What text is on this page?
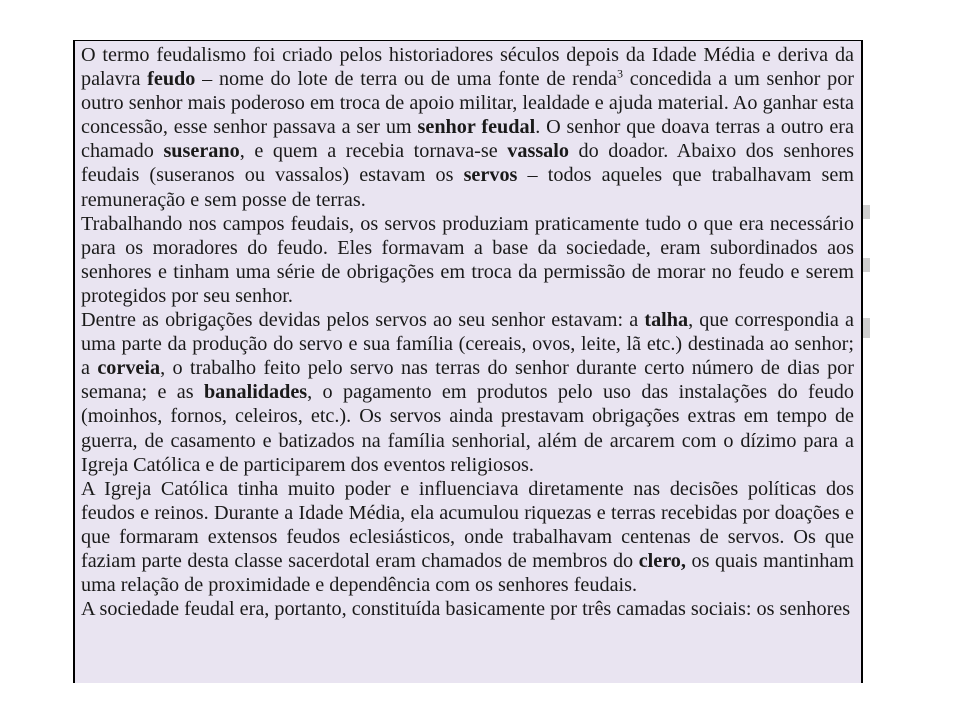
O termo feudalismo foi criado pelos historiadores séculos depois da Idade Média e deriva da palavra feudo – nome do lote de terra ou de uma fonte de renda$^3$ concedida a um senhor por outro senhor mais poderoso em troca de apoio militar, lealdade e ajuda material. Ao ganhar esta concessão, esse senhor passava a ser um senhor feudal. O senhor que doava terras a outro era chamado suserano, e quem a recebia tornava-se vassalo do doador. Abaixo dos senhores feudais (suseranos ou vassalos) estavam os servos – todos aqueles que trabalhavam sem remuneração e sem posse de terras.

Trabalhando nos campos feudais, os servos produziam praticamente tudo o que era necessário para os moradores do feudo. Eles formavam a base da sociedade, eram subordinados aos senhores e tinham uma série de obrigações em troca da permissão de morar no feudo e serem protegidos por seu senhor.

Dentre as obrigações devidas pelos servos ao seu senhor estavam: a talha, que correspondia a uma parte da produção do servo e sua família (cereais, ovos, leite, lã etc.) destinada ao senhor; a corveia, o trabalho feito pelo servo nas terras do senhor durante certo número de dias por semana; e as banalidades, o pagamento em produtos pelo uso das instalações do feudo (moinhos, fornos, celeiros, etc.). Os servos ainda prestavam obrigações extras em tempo de guerra, de casamento e batizados na família senhorial, além de arcarem com o dízimo para a Igreja Católica e de participarem dos eventos religiosos.

A Igreja Católica tinha muito poder e influenciava diretamente nas decisões políticas dos feudos e reinos. Durante a Idade Média, ela acumulou riquezas e terras recebidas por doações e que formaram extensos feudos eclesiásticos, onde trabalhavam centenas de servos. Os que faziam parte desta classe sacerdotal eram chamados de membros do clero, os quais mantinham uma relação de proximidade e dependência com os senhores feudais.

A sociedade feudal era, portanto, constituída basicamente por três camadas sociais: os senhores
